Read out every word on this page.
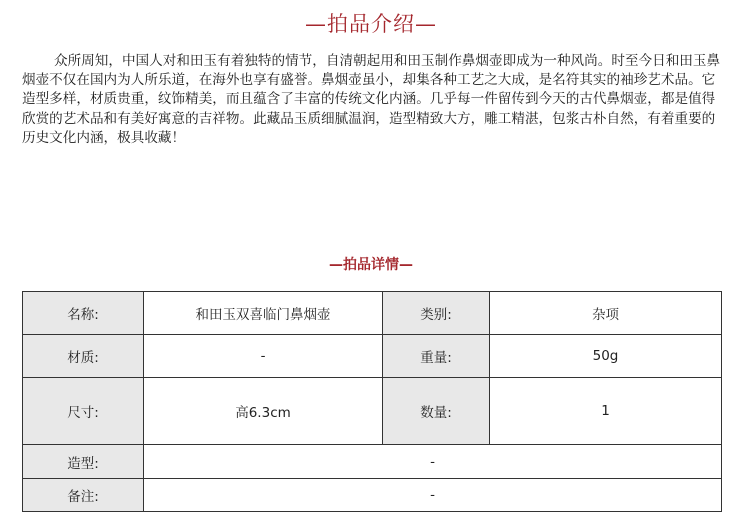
—拍品介绍—

众所周知，中国人对和田玉有着独特的情节，自清朝起用和田玉制作鼻烟壶即成为一种风尚。时至今日和田玉鼻烟壶不仅在国内为人所乐道，在海外也享有盛誉。鼻烟壶虽小，却集各种工艺之大成，是名符其实的袖珍艺术品。它造型多样，材质贵重，纹饰精美，而且蕴含了丰富的传统文化内涵。几乎每一件留传到今天的古代鼻烟壶，都是值得欣赏的艺术品和有美好寓意的吉祥物。此藏品玉质细腻温润，造型精致大方，雕工精湛，包浆古朴自然，有着重要的历史文化内涵，极具收藏！

—拍品详情—
名称:	和田玉双喜临门鼻烟壶	类别:	杂项
材质:	-	重量:	50g
尺寸:	高6.3cm	数量:	1
造型:	-		
备注:	-		
